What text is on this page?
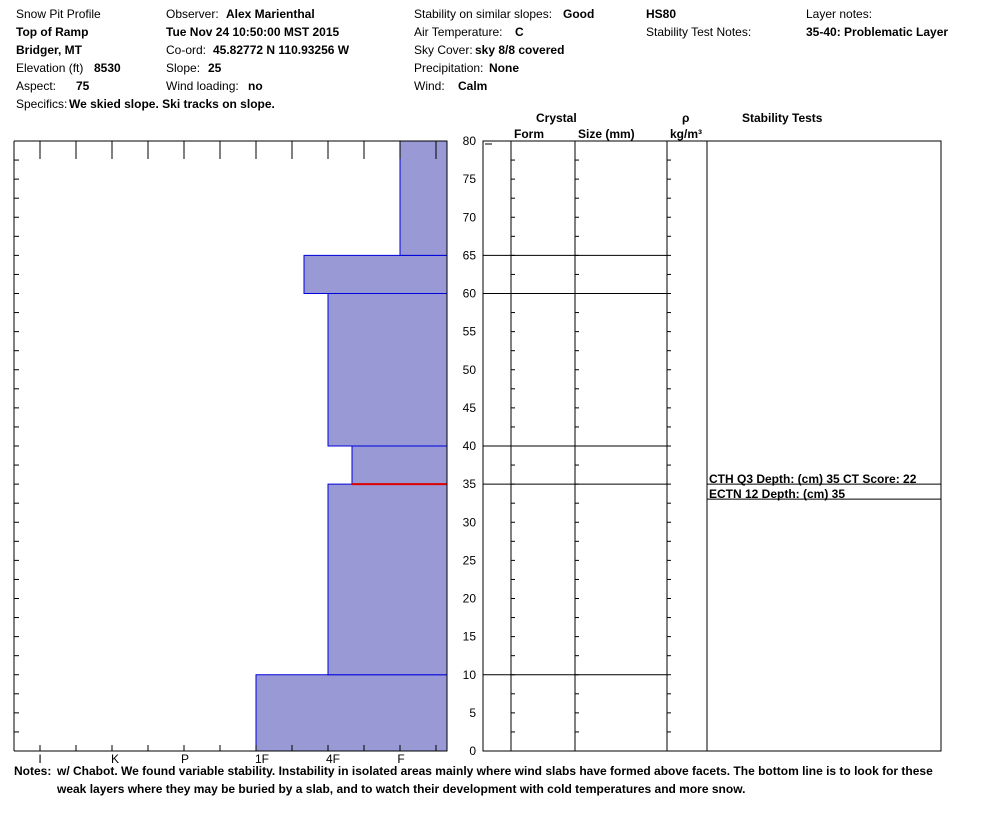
Snow Pit Profile
Top of Ramp
Bridger, MT
Elevation (ft) 8530
Aspect: 75
Specifics: We skied slope. Ski tracks on slope.
Observer: Alex Marienthal
Tue Nov 24 10:50:00 MST 2015
Co-ord: 45.82772 N 110.93256 W
Slope: 25
Wind loading: no
Stability on similar slopes: Good
Air Temperature: C
Sky Cover: sky 8/8 covered
Precipitation: None
Wind: Calm
HS80
Stability Test Notes:
Layer notes:
35-40: Problematic Layer
Crystal
Form	Size (mm)
ρ
kg/m³
Stability Tests
0
5
10
15
20
25
30
35
40
45
50
55
60
65
70
75
80
I	K	P	1F	4F	F
CTH Q3 Depth: (cm) 35 CT Score: 22
ECTN 12 Depth: (cm) 35
Notes: w/ Chabot. We found variable stability. Instability in isolated areas mainly where wind slabs have formed above facets. The bottom line is to look for these
weak layers where they may be buried by a slab, and to watch their development with cold temperatures and more snow.
